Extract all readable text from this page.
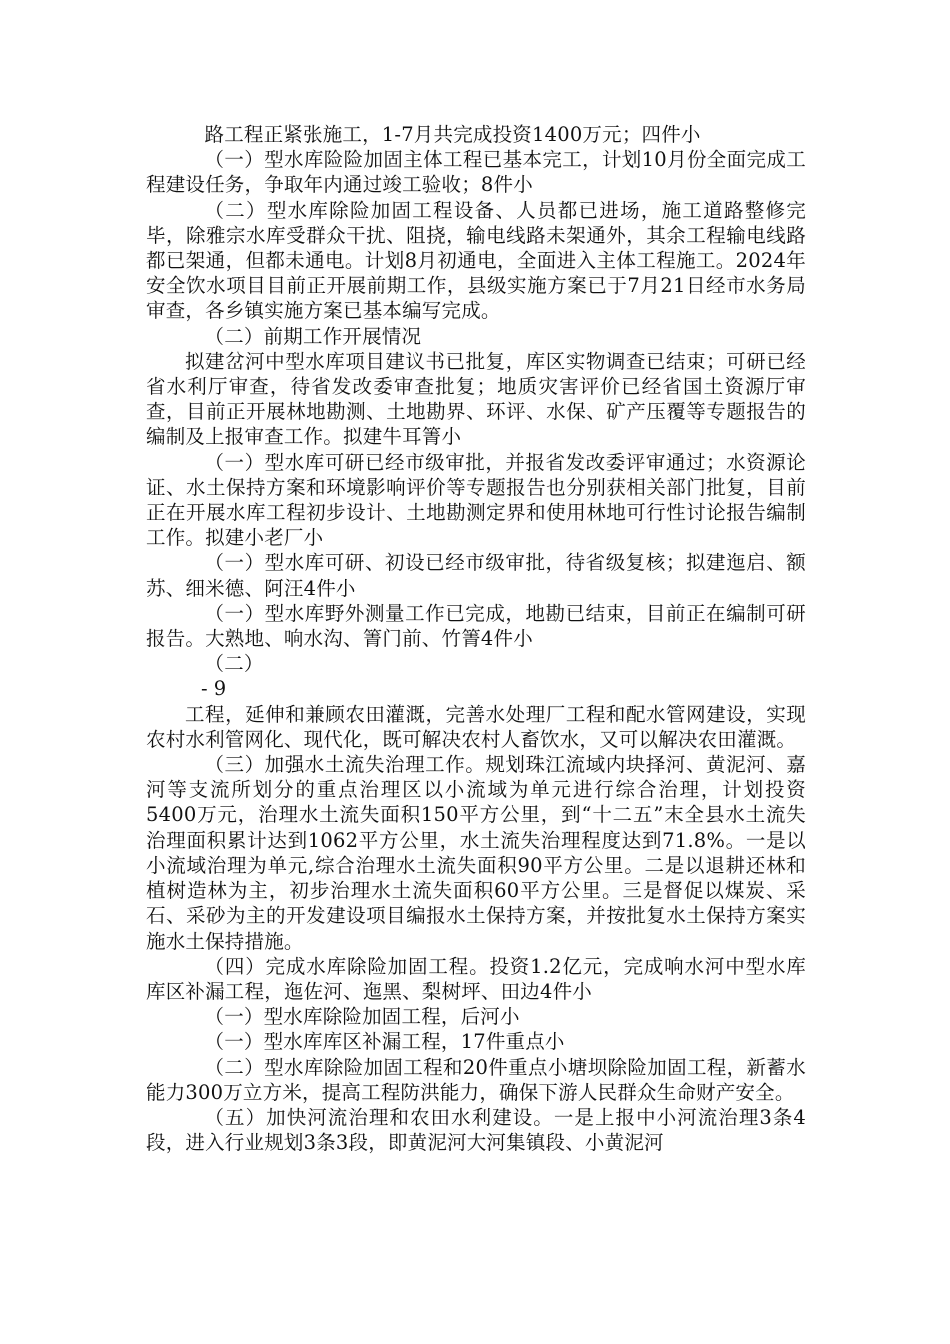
路工程正紧张施工，1-7月共完成投资1400万元；四件小

（一）型水库险险加固主体工程已基本完工，计划10月份全面完成工程建设任务，争取年内通过竣工验收；8件小

（二）型水库除险加固工程设备、人员都已进场，施工道路整修完毕，除雅宗水库受群众干扰、阻挠，输电线路未架通外，其余工程输电线路都已架通，但都未通电。计划8月初通电，全面进入主体工程施工。2024年安全饮水项目目前正开展前期工作，县级实施方案已于7月21日经市水务局审查，各乡镇实施方案已基本编写完成。

（二）前期工作开展情况

拟建岔河中型水库项目建议书已批复，库区实物调查已结束；可研已经省水利厅审查，待省发改委审查批复；地质灾害评价已经省国土资源厅审查，目前正开展林地勘测、土地勘界、环评、水保、矿产压覆等专题报告的编制及上报审查工作。拟建牛耳箐小

（一）型水库可研已经市级审批，并报省发改委评审通过；水资源论证、水土保持方案和环境影响评价等专题报告也分别获相关部门批复，目前正在开展水库工程初步设计、土地勘测定界和使用林地可行性讨论报告编制工作。拟建小老厂小

（一）型水库可研、初设已经市级审批，待省级复核；拟建迤启、额苏、细米德、阿汪4件小

（一）型水库野外测量工作已完成，地勘已结束，目前正在编制可研报告。大熟地、响水沟、箐门前、竹箐4件小

（二）

- 9

工程，延伸和兼顾农田灌溉，完善水处理厂工程和配水管网建设，实现农村水利管网化、现代化，既可解决农村人畜饮水，又可以解决农田灌溉。

（三）加强水土流失治理工作。规划珠江流域内块择河、黄泥河、嘉河等支流所划分的重点治理区以小流域为单元进行综合治理，计划投资5400万元，治理水土流失面积150平方公里，到“十二五”末全县水土流失治理面积累计达到1062平方公里，水土流失治理程度达到71.8%。一是以小流域治理为单元,综合治理水土流失面积90平方公里。二是以退耕还林和植树造林为主，初步治理水土流失面积60平方公里。三是督促以煤炭、采石、采砂为主的开发建设项目编报水土保持方案，并按批复水土保持方案实施水土保持措施。

（四）完成水库除险加固工程。投资1.2亿元，完成响水河中型水库库区补漏工程，迤佐河、迤黑、梨树坪、田边4件小

（一）型水库除险加固工程，后河小

（一）型水库库区补漏工程，17件重点小

（二）型水库除险加固工程和20件重点小塘坝除险加固工程，新蓄水能力300万立方米，提高工程防洪能力，确保下游人民群众生命财产安全。

（五）加快河流治理和农田水利建设。一是上报中小河流治理3条4段，进入行业规划3条3段，即黄泥河大河集镇段、小黄泥河
